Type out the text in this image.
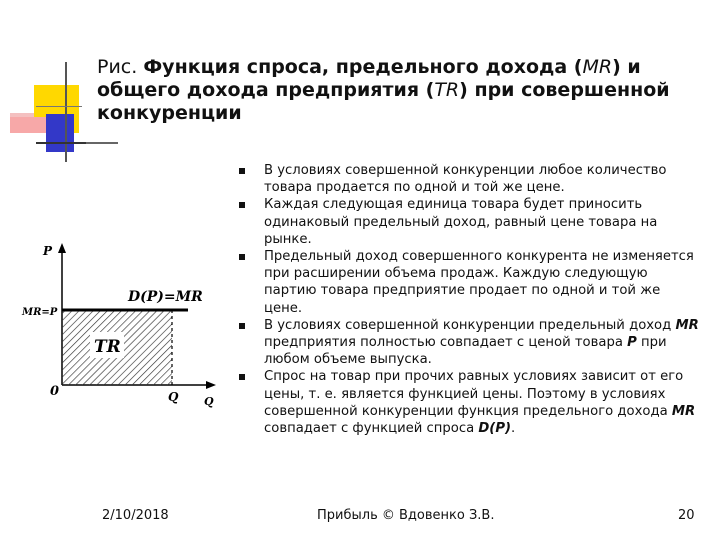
Рис. Функция спроса, предельного дохода (MR) и общего дохода предприятия (TR) при совершенной конкуренции
TR
P
MR=P
D(P)=MR
0	Q Q
В условиях совершенной конкуренции любое количество товара продается по одной и той же цене.
Каждая следующая единица товара будет приносить одинаковый предельный доход, равный цене товара на рынке.
Предельный доход совершенного конкурента не изменяется при расширении объема продаж. Каждую следующую партию товара предприятие продает по одной и той же цене.
В условиях совершенной конкуренции предельный доход MR предприятия полностью совпадает с ценой товара P при любом объеме выпуска.
Спрос на товар при прочих равных условиях зависит от его цены, т. е. является функцией цены. Поэтому в условиях совершенной конкуренции функция предельного дохода MR совпадает с функцией спроса D(P).
2/10/2018	Прибыль © Вдовенко З.В.	20
